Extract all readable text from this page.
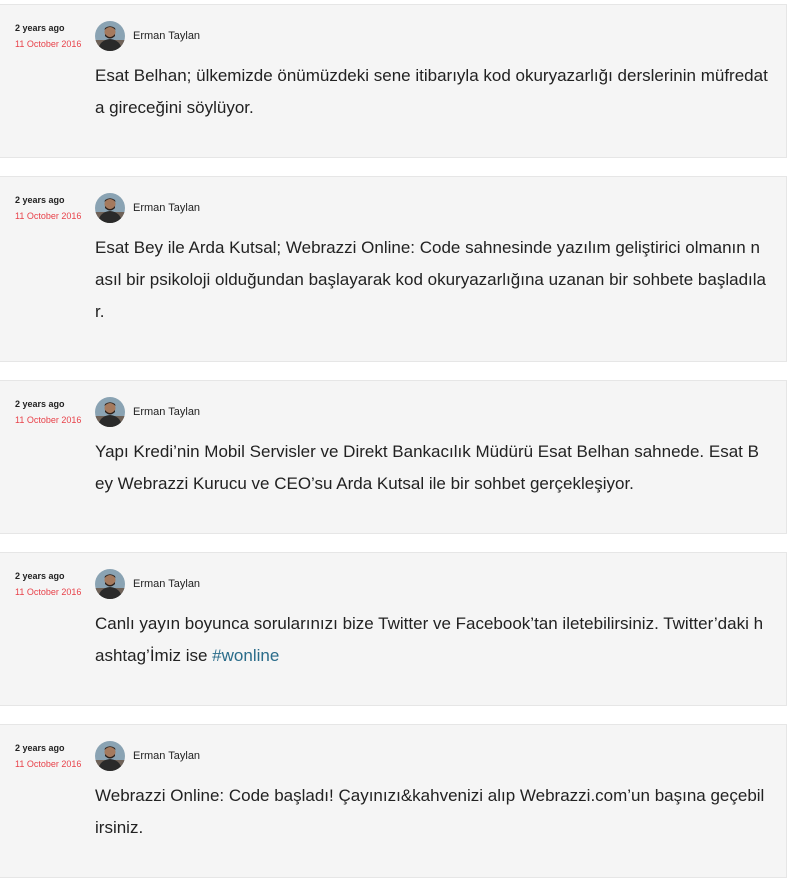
2 years ago
11 October 2016
Erman Taylan
Esat Belhan; ülkemizde önümüzdeki sene itibarıyla kod okuryazarlığı derslerinin müfredata gireceğini söylüyor.
2 years ago
11 October 2016
Erman Taylan
Esat Bey ile Arda Kutsal; Webrazzi Online: Code sahnesinde yazılım geliştirici olmanın nasıl bir psikoloji olduğundan başlayarak kod okuryazarlığına uzanan bir sohbete başladılar.
2 years ago
11 October 2016
Erman Taylan
Yapı Kredi’nin Mobil Servisler ve Direkt Bankacılık Müdürü Esat Belhan sahnede. Esat Bey Webrazzi Kurucu ve CEO’su Arda Kutsal ile bir sohbet gerçekleşiyor.
2 years ago
11 October 2016
Erman Taylan
Canlı yayın boyunca sorularınızı bize Twitter ve Facebook’tan iletebilirsiniz. Twitter’daki hashtag’İmiz ise #wonline
2 years ago
11 October 2016
Erman Taylan
Webrazzi Online: Code başladı! Çayınızı&kahvenizi alıp Webrazzi.com’un başına geçebilirsiniz.
